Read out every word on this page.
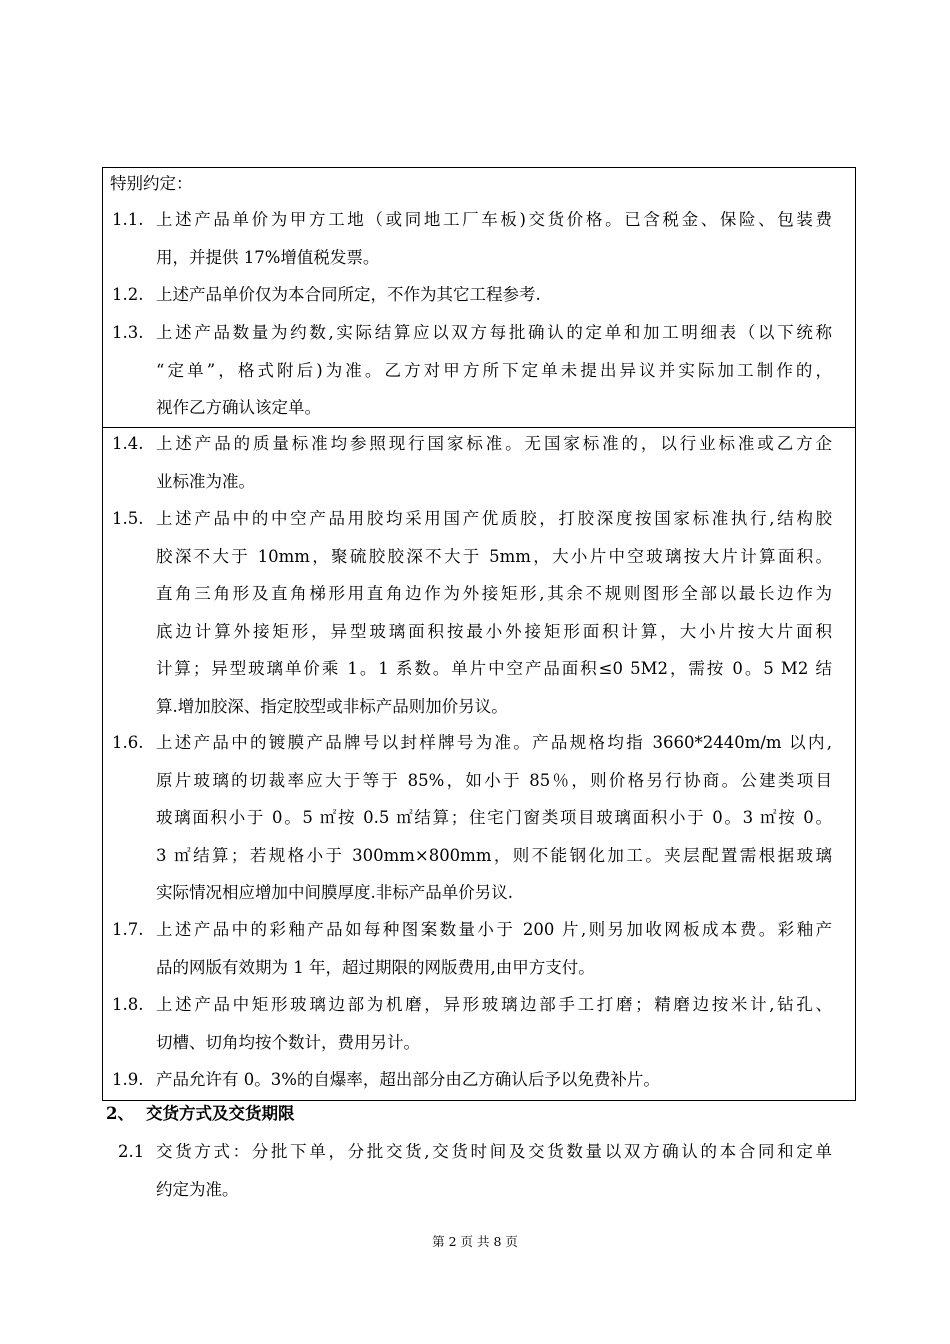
特别约定：
1.1. 上述产品单价为甲方工地（或同地工厂车板)交货价格。已含税金、保险、包装费
用，并提供 17%增值税发票。
1.2. 上述产品单价仅为本合同所定，不作为其它工程参考.
1.3. 上述产品数量为约数,实际结算应以双方每批确认的定单和加工明细表（以下统称
“定单”，格式附后)为准。乙方对甲方所下定单未提出异议并实际加工制作的，
视作乙方确认该定单。
1.4. 上述产品的质量标准均参照现行国家标准。无国家标准的，以行业标准或乙方企
业标准为准。
1.5. 上述产品中的中空产品用胶均采用国产优质胶，打胶深度按国家标准执行,结构胶
胶深不大于 10mm，聚硫胶胶深不大于 5mm，大小片中空玻璃按大片计算面积。
直角三角形及直角梯形用直角边作为外接矩形,其余不规则图形全部以最长边作为
底边计算外接矩形，异型玻璃面积按最小外接矩形面积计算，大小片按大片面积
计算；异型玻璃单价乘 1。1 系数。单片中空产品面积≤0 5M2，需按 0。5 M2 结
算.增加胶深、指定胶型或非标产品则加价另议。
1.6. 上述产品中的镀膜产品牌号以封样牌号为准。产品规格均指 3660*2440m/m 以内,
原片玻璃的切裁率应大于等于 85%，如小于 85％，则价格另行协商。公建类项目
玻璃面积小于 0。5 ㎡按 0.5 ㎡结算；住宅门窗类项目玻璃面积小于 0。3 ㎡按 0。
3 ㎡结算；若规格小于 300mm×800mm，则不能钢化加工。夹层配置需根据玻璃
实际情况相应增加中间膜厚度.非标产品单价另议.
1.7. 上述产品中的彩釉产品如每种图案数量小于 200 片,则另加收网板成本费。彩釉产
品的网版有效期为 1 年，超过期限的网版费用,由甲方支付。
1.8. 上述产品中矩形玻璃边部为机磨，异形玻璃边部手工打磨；精磨边按米计,钻孔、
切槽、切角均按个数计，费用另计。
1.9. 产品允许有 0。3%的自爆率，超出部分由乙方确认后予以免费补片。
2、 交货方式及交货期限
2.1 交货方式：分批下单，分批交货,交货时间及交货数量以双方确认的本合同和定单
约定为准。
第 2 页 共 8 页
